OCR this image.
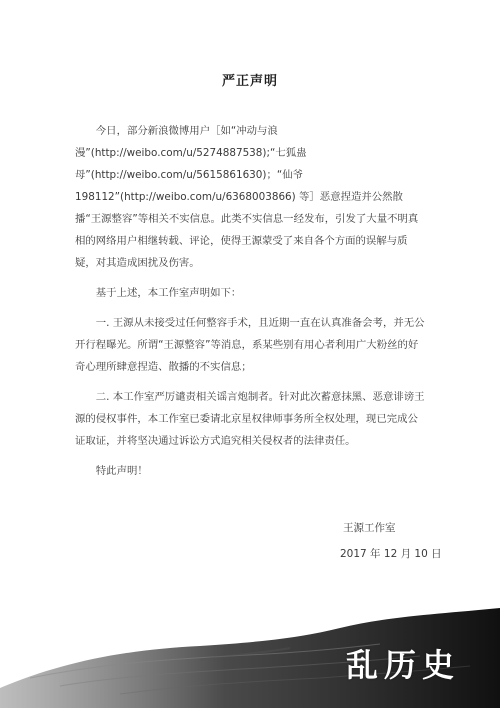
严正声明

今日，部分新浪微博用户［如“冲动与浪漫”(http://weibo.com/u/5274887538);“七狐蛊母”(http://weibo.com/u/5615861630)；“仙爷 198112”(http://weibo.com/u/6368003866) 等］恶意捏造并公然散播“王源整容”等相关不实信息。此类不实信息一经发布，引发了大量不明真相的网络用户相继转载、评论，使得王源蒙受了来自各个方面的误解与质疑，对其造成困扰及伤害。

基于上述，本工作室声明如下：

一. 王源从未接受过任何整容手术，且近期一直在认真准备会考，并无公开行程曝光。所谓“王源整容”等消息，系某些别有用心者利用广大粉丝的好奇心理所肆意捏造、散播的不实信息；

二. 本工作室严厉谴责相关谣言炮制者。针对此次蓄意抹黑、恶意诽谤王源的侵权事件，本工作室已委请北京星权律师事务所全权处理，现已完成公证取证，并将坚决通过诉讼方式追究相关侵权者的法律责任。

特此声明！

王源工作室
2017 年 12 月 10 日
乱历史
